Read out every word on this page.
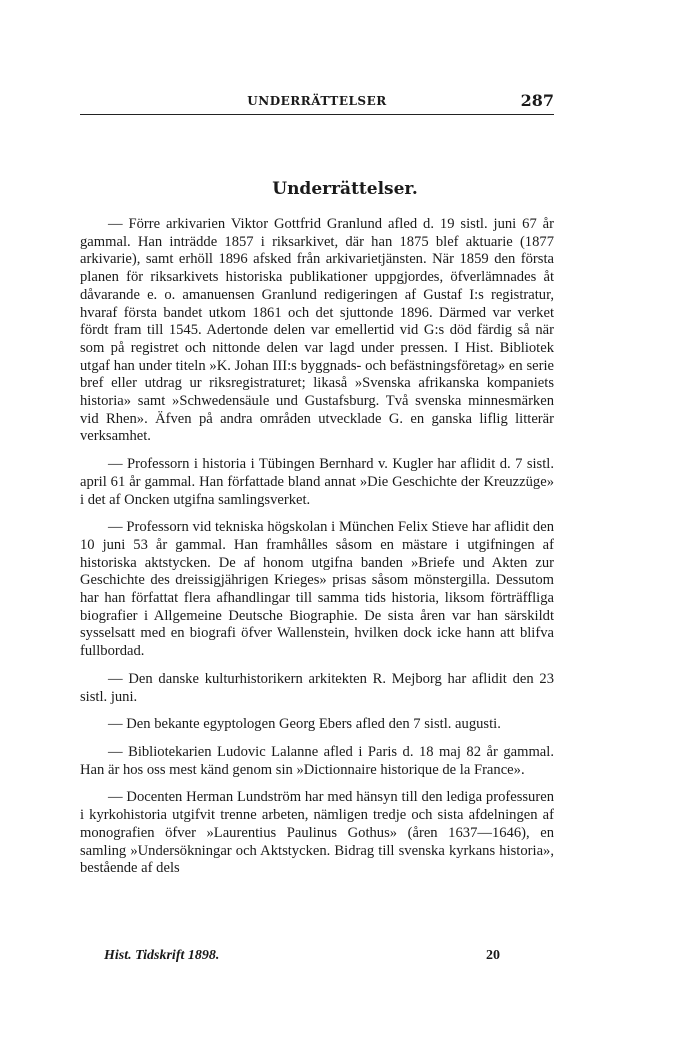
UNDERRÄTTELSER	287
Underrättelser.

— Förre arkivarien Viktor Gottfrid Granlund afled d. 19 sistl. juni 67 år gammal. Han inträdde 1857 i riksarkivet, där han 1875 blef aktuarie (1877 arkivarie), samt erhöll 1896 afsked från arkivarietjänsten. När 1859 den första planen för riksarkivets historiska publikationer uppgjordes, öfverlämnades åt dåvarande e. o. amanuensen Granlund redigeringen af Gustaf I:s registratur, hvaraf första bandet utkom 1861 och det sjuttonde 1896. Därmed var verket fördt fram till 1545. Adertonde delen var emellertid vid G:s död färdig så när som på registret och nittonde delen var lagd under pressen. I Hist. Bibliotek utgaf han under titeln »K. Johan III:s byggnads- och befästningsföretag» en serie bref eller utdrag ur riksregistraturet; likaså »Svenska afrikanska kompaniets historia» samt »Schwedensäule und Gustafsburg. Två svenska minnesmärken vid Rhen». Äfven på andra områden utvecklade G. en ganska liflig litterär verksamhet.

— Professorn i historia i Tübingen Bernhard v. Kugler har aflidit d. 7 sistl. april 61 år gammal. Han författade bland annat »Die Geschichte der Kreuzzüge» i det af Oncken utgifna samlingsverket.

— Professorn vid tekniska högskolan i München Felix Stieve har aflidit den 10 juni 53 år gammal. Han framhålles såsom en mästare i utgifningen af historiska aktstycken. De af honom utgifna banden »Briefe und Akten zur Geschichte des dreissigjährigen Krieges» prisas såsom mönstergilla. Dessutom har han författat flera afhandlingar till samma tids historia, liksom förträffliga biografier i Allgemeine Deutsche Biographie. De sista åren var han särskildt sysselsatt med en biografi öfver Wallenstein, hvilken dock icke hann att blifva fullbordad.

— Den danske kulturhistorikern arkitekten R. Mejborg har aflidit den 23 sistl. juni.

— Den bekante egyptologen Georg Ebers afled den 7 sistl. augusti.

— Bibliotekarien Ludovic Lalanne afled i Paris d. 18 maj 82 år gammal. Han är hos oss mest känd genom sin »Dictionnaire historique de la France».

— Docenten Herman Lundström har med hänsyn till den lediga professuren i kyrkohistoria utgifvit trenne arbeten, nämligen tredje och sista afdelningen af monografien öfver »Laurentius Paulinus Gothus» (åren 1637—1646), en samling »Undersökningar och Aktstycken. Bidrag till svenska kyrkans historia», bestående af dels

Hist. Tidskrift 1898.	20
